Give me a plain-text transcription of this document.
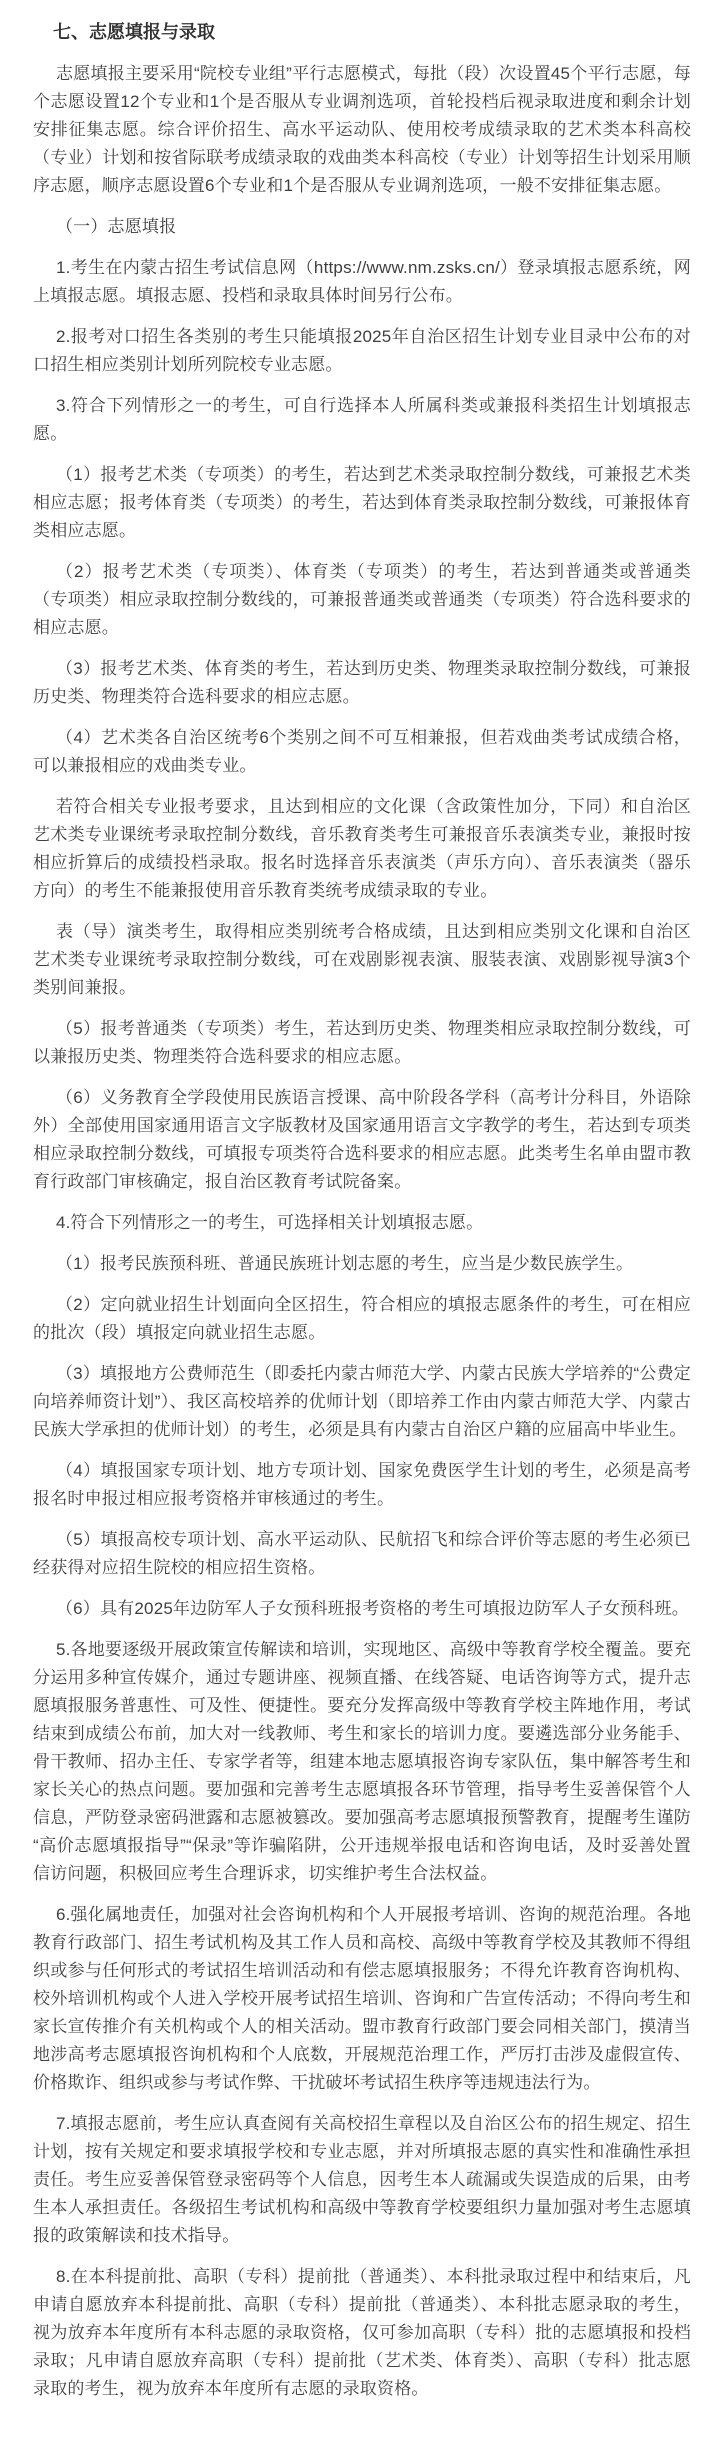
七、志愿填报与录取

志愿填报主要采用“院校专业组”平行志愿模式，每批（段）次设置45个平行志愿，每个志愿设置12个专业和1个是否服从专业调剂选项，首轮投档后视录取进度和剩余计划安排征集志愿。综合评价招生、高水平运动队、使用校考成绩录取的艺术类本科高校（专业）计划和按省际联考成绩录取的戏曲类本科高校（专业）计划等招生计划采用顺序志愿，顺序志愿设置6个专业和1个是否服从专业调剂选项，一般不安排征集志愿。

（一）志愿填报

1.考生在内蒙古招生考试信息网（https://www.nm.zsks.cn/）登录填报志愿系统，网上填报志愿。填报志愿、投档和录取具体时间另行公布。

2.报考对口招生各类别的考生只能填报2025年自治区招生计划专业目录中公布的对口招生相应类别计划所列院校专业志愿。

3.符合下列情形之一的考生，可自行选择本人所属科类或兼报科类招生计划填报志愿。

（1）报考艺术类（专项类）的考生，若达到艺术类录取控制分数线，可兼报艺术类相应志愿；报考体育类（专项类）的考生，若达到体育类录取控制分数线，可兼报体育类相应志愿。

（2）报考艺术类（专项类）、体育类（专项类）的考生，若达到普通类或普通类（专项类）相应录取控制分数线的，可兼报普通类或普通类（专项类）符合选科要求的相应志愿。

（3）报考艺术类、体育类的考生，若达到历史类、物理类录取控制分数线，可兼报历史类、物理类符合选科要求的相应志愿。

（4）艺术类各自治区统考6个类别之间不可互相兼报，但若戏曲类考试成绩合格，可以兼报相应的戏曲类专业。

若符合相关专业报考要求，且达到相应的文化课（含政策性加分，下同）和自治区艺术类专业课统考录取控制分数线，音乐教育类考生可兼报音乐表演类专业，兼报时按相应折算后的成绩投档录取。报名时选择音乐表演类（声乐方向）、音乐表演类（器乐方向）的考生不能兼报使用音乐教育类统考成绩录取的专业。

表（导）演类考生，取得相应类别统考合格成绩，且达到相应类别文化课和自治区艺术类专业课统考录取控制分数线，可在戏剧影视表演、服装表演、戏剧影视导演3个类别间兼报。

（5）报考普通类（专项类）考生，若达到历史类、物理类相应录取控制分数线，可以兼报历史类、物理类符合选科要求的相应志愿。

（6）义务教育全学段使用民族语言授课、高中阶段各学科（高考计分科目，外语除外）全部使用国家通用语言文字版教材及国家通用语言文字教学的考生，若达到专项类相应录取控制分数线，可填报专项类符合选科要求的相应志愿。此类考生名单由盟市教育行政部门审核确定，报自治区教育考试院备案。

4.符合下列情形之一的考生，可选择相关计划填报志愿。

（1）报考民族预科班、普通民族班计划志愿的考生，应当是少数民族学生。

（2）定向就业招生计划面向全区招生，符合相应的填报志愿条件的考生，可在相应的批次（段）填报定向就业招生志愿。

（3）填报地方公费师范生（即委托内蒙古师范大学、内蒙古民族大学培养的“公费定向培养师资计划”）、我区高校培养的优师计划（即培养工作由内蒙古师范大学、内蒙古民族大学承担的优师计划）的考生，必须是具有内蒙古自治区户籍的应届高中毕业生。

（4）填报国家专项计划、地方专项计划、国家免费医学生计划的考生，必须是高考报名时申报过相应报考资格并审核通过的考生。

（5）填报高校专项计划、高水平运动队、民航招飞和综合评价等志愿的考生必须已经获得对应招生院校的相应招生资格。

（6）具有2025年边防军人子女预科班报考资格的考生可填报边防军人子女预科班。

5.各地要逐级开展政策宣传解读和培训，实现地区、高级中等教育学校全覆盖。要充分运用多种宣传媒介，通过专题讲座、视频直播、在线答疑、电话咨询等方式，提升志愿填报服务普惠性、可及性、便捷性。要充分发挥高级中等教育学校主阵地作用，考试结束到成绩公布前，加大对一线教师、考生和家长的培训力度。要遴选部分业务能手、骨干教师、招办主任、专家学者等，组建本地志愿填报咨询专家队伍，集中解答考生和家长关心的热点问题。要加强和完善考生志愿填报各环节管理，指导考生妥善保管个人信息，严防登录密码泄露和志愿被篡改。要加强高考志愿填报预警教育，提醒考生谨防“高价志愿填报指导”“保录”等诈骗陷阱，公开违规举报电话和咨询电话，及时妥善处置信访问题，积极回应考生合理诉求，切实维护考生合法权益。

6.强化属地责任，加强对社会咨询机构和个人开展报考培训、咨询的规范治理。各地教育行政部门、招生考试机构及其工作人员和高校、高级中等教育学校及其教师不得组织或参与任何形式的考试招生培训活动和有偿志愿填报服务；不得允许教育咨询机构、校外培训机构或个人进入学校开展考试招生培训、咨询和广告宣传活动；不得向考生和家长宣传推介有关机构或个人的相关活动。盟市教育行政部门要会同相关部门，摸清当地涉高考志愿填报咨询机构和个人底数，开展规范治理工作，严厉打击涉及虚假宣传、价格欺诈、组织或参与考试作弊、干扰破坏考试招生秩序等违规违法行为。

7.填报志愿前，考生应认真查阅有关高校招生章程以及自治区公布的招生规定、招生计划，按有关规定和要求填报学校和专业志愿，并对所填报志愿的真实性和准确性承担责任。考生应妥善保管登录密码等个人信息，因考生本人疏漏或失误造成的后果，由考生本人承担责任。各级招生考试机构和高级中等教育学校要组织力量加强对考生志愿填报的政策解读和技术指导。

8.在本科提前批、高职（专科）提前批（普通类）、本科批录取过程中和结束后，凡申请自愿放弃本科提前批、高职（专科）提前批（普通类）、本科批志愿录取的考生，视为放弃本年度所有本科志愿的录取资格，仅可参加高职（专科）批的志愿填报和投档录取；凡申请自愿放弃高职（专科）提前批（艺术类、体育类）、高职（专科）批志愿录取的考生，视为放弃本年度所有志愿的录取资格。
